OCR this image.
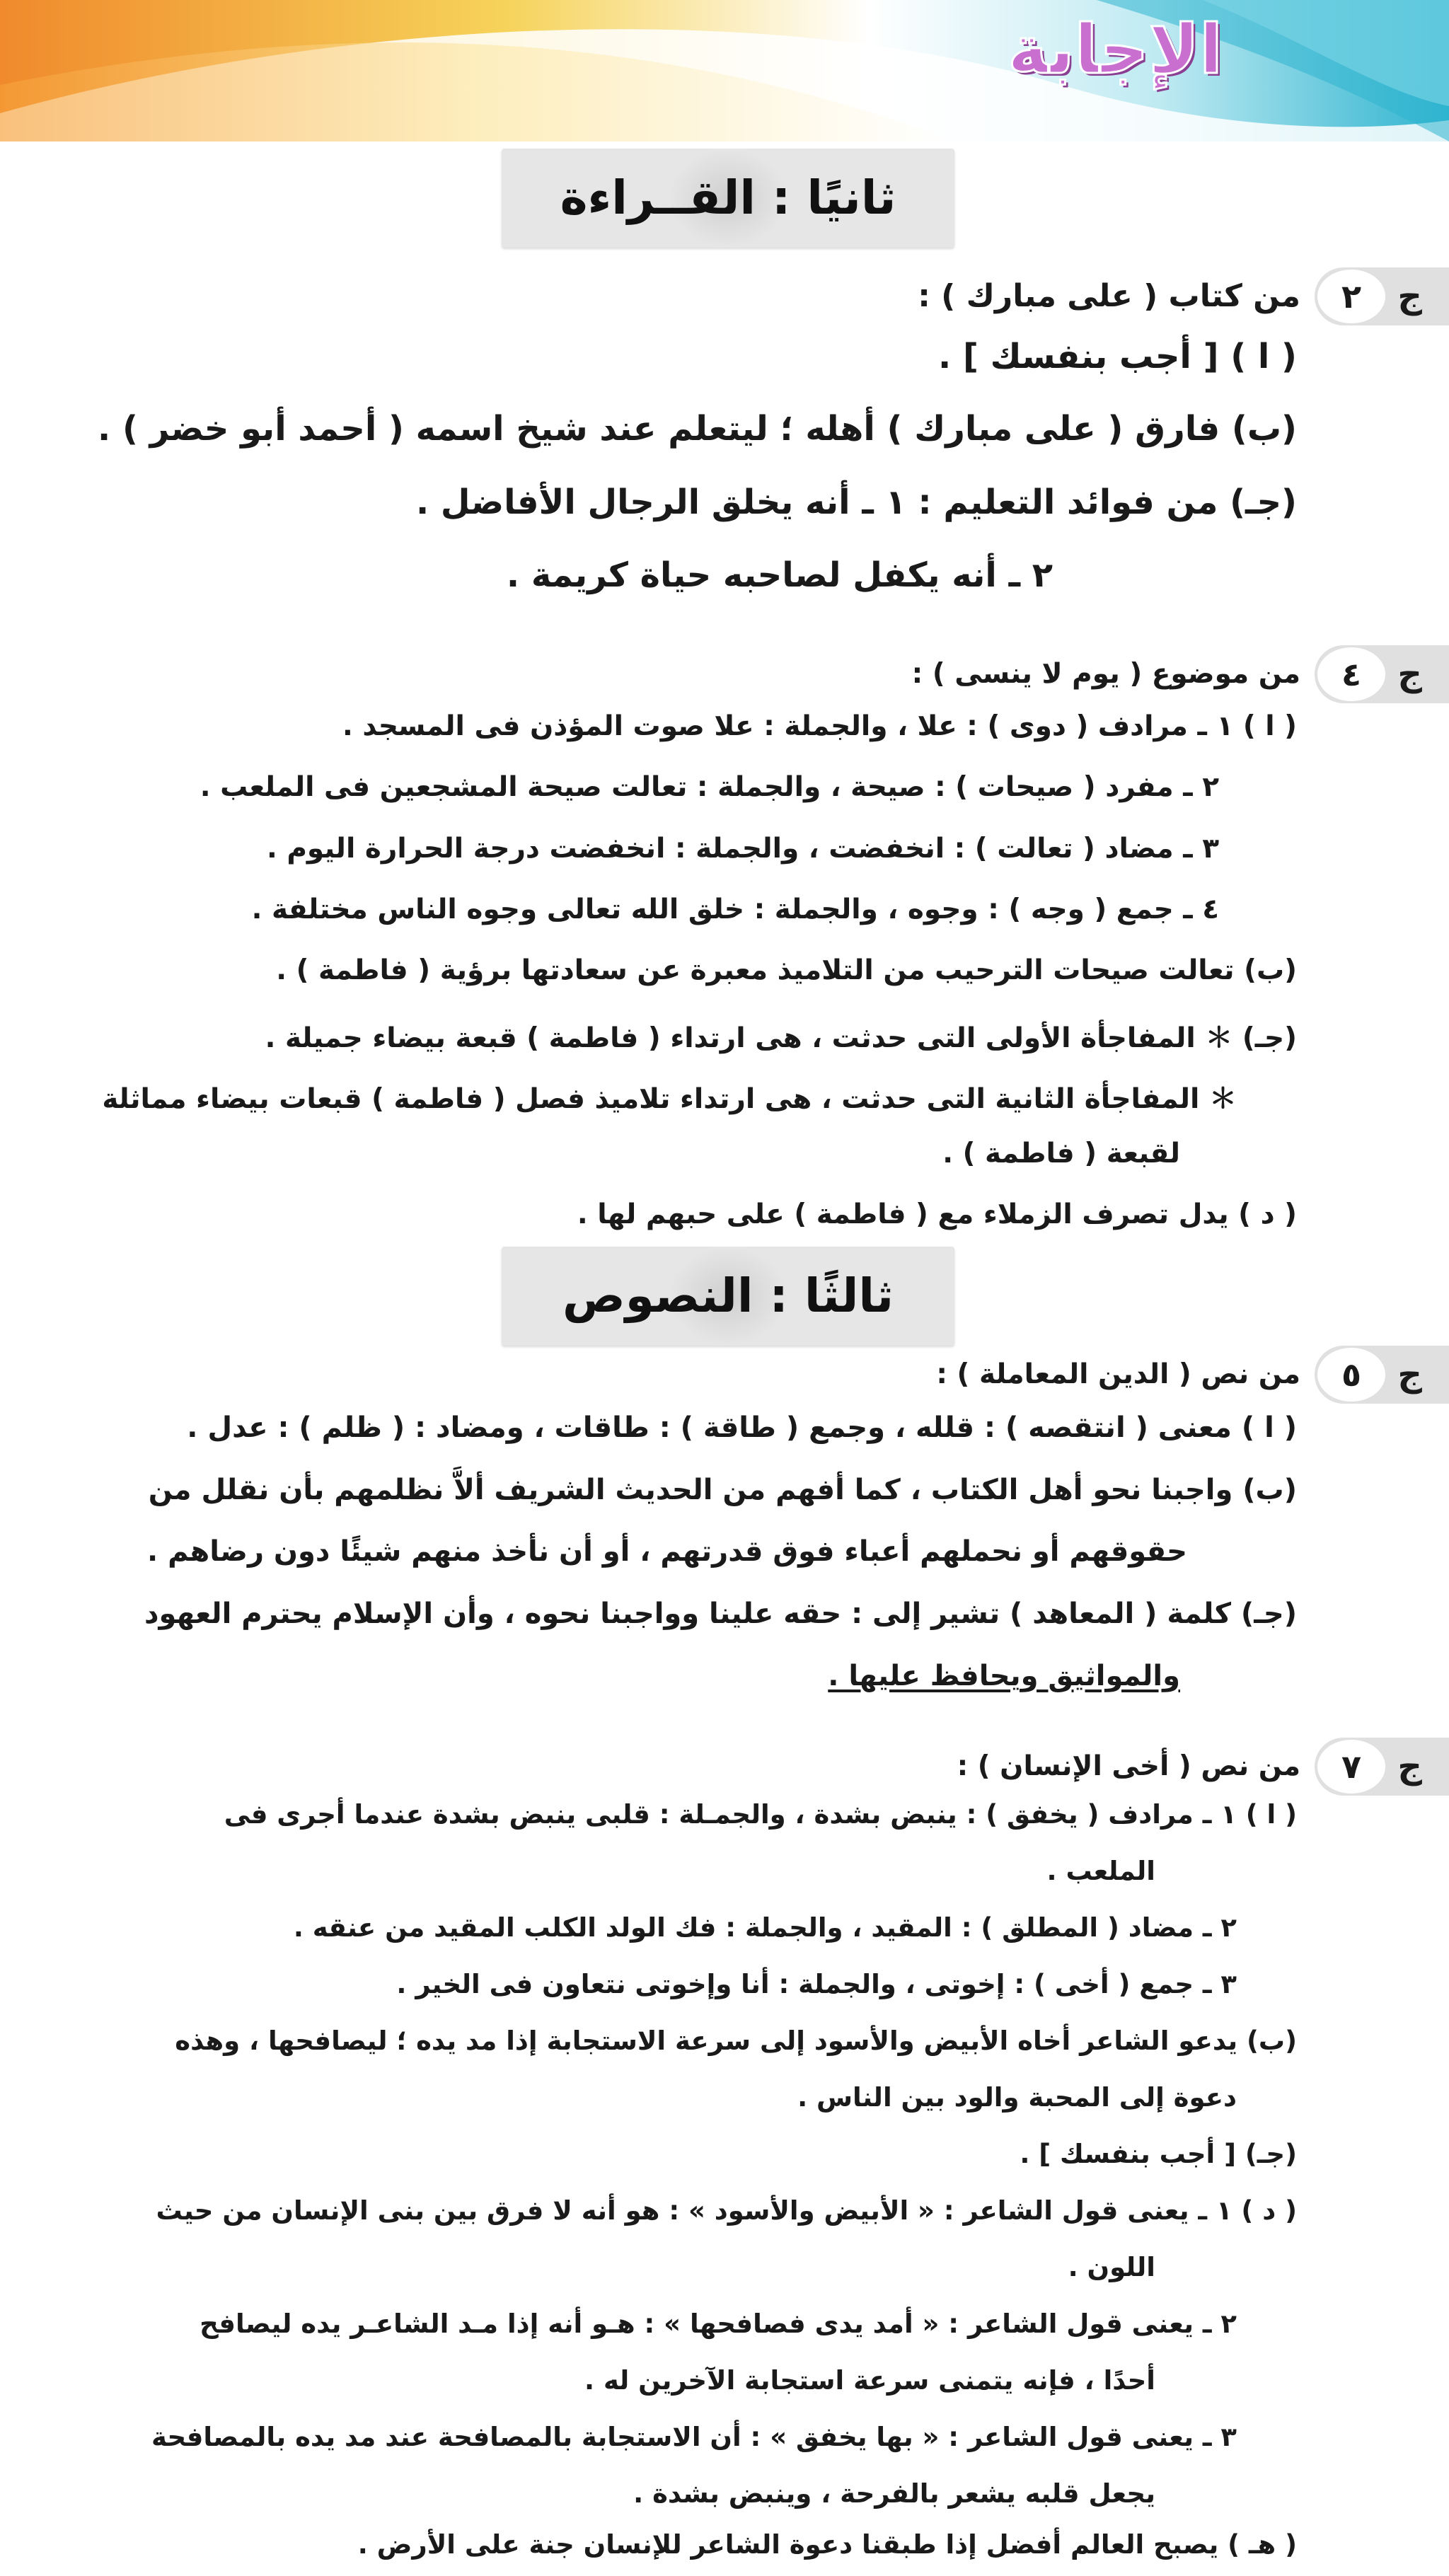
الإجابة
ثانيًا : القــراءة
ج
٢
من كتاب ( على مبارك ) :
( ا ) [ أجب بنفسك ] .
(ب) فارق ( على مبارك ) أهله ؛ ليتعلم عند شيخ اسمه ( أحمد أبو خضر ) .
(جـ) من فوائد التعليم : ١ ـ أنه يخلق الرجال الأفاضل .
٢ ـ أنه يكفل لصاحبه حياة كريمة .
ج
٤
من موضوع ( يوم لا ينسى ) :
( ا ) ١ ـ مرادف ( دوى ) : علا ، والجملة : علا صوت المؤذن فى المسجد .
٢ ـ مفرد ( صيحات ) : صيحة ، والجملة : تعالت صيحة المشجعين فى الملعب .
٣ ـ مضاد ( تعالت ) : انخفضت ، والجملة : انخفضت درجة الحرارة اليوم .
٤ ـ جمع ( وجه ) : وجوه ، والجملة : خلق الله تعالى وجوه الناس مختلفة .
(ب) تعالت صيحات الترحيب من التلاميذ معبرة عن سعادتها برؤية ( فاطمة ) .
(جـ) ＊ المفاجأة الأولى التى حدثت ، هى ارتداء ( فاطمة ) قبعة بيضاء جميلة .
＊ المفاجأة الثانية التى حدثت ، هى ارتداء تلاميذ فصل ( فاطمة ) قبعات بيضاء مماثلة
لقبعة ( فاطمة ) .
( د ) يدل تصرف الزملاء مع ( فاطمة ) على حبهم لها .
ثالثًا : النصوص
ج
٥
من نص ( الدين المعاملة ) :
( ا ) معنى ( انتقصه ) : قلله ، وجمع ( طاقة ) : طاقات ، ومضاد : ( ظلم ) : عدل .
(ب) واجبنا نحو أهل الكتاب ، كما أفهم من الحديث الشريف ألاَّ نظلمهم بأن نقلل من
حقوقهم أو نحملهم أعباء فوق قدرتهم ، أو أن نأخذ منهم شيئًا دون رضاهم .
(جـ) كلمة ( المعاهد ) تشير إلى : حقه علينا وواجبنا نحوه ، وأن الإسلام يحترم العهود
والمواثيق ويحافظ عليها .
ج
٧
من نص ( أخى الإنسان ) :
( ا ) ١ ـ مرادف ( يخفق ) : ينبض بشدة ، والجمـلة : قلبى ينبض بشدة عندما أجرى فى
الملعب .
٢ ـ مضاد ( المطلق ) : المقيد ، والجملة : فك الولد الكلب المقيد من عنقه .
٣ ـ جمع ( أخى ) : إخوتى ، والجملة : أنا وإخوتى نتعاون فى الخير .
(ب) يدعو الشاعر أخاه الأبيض والأسود إلى سرعة الاستجابة إذا مد يده ؛ ليصافحها ، وهذه
دعوة إلى المحبة والود بين الناس .
(جـ) [ أجب بنفسك ] .
( د ) ١ ـ يعنى قول الشاعر : « الأبيض والأسود » : هو أنه لا فرق بين بنى الإنسان من حيث
اللون .
٢ ـ يعنى قول الشاعر : « أمد يدى فصافحها » : هـو أنه إذا مـد الشاعـر يده ليصافح
أحدًا ، فإنه يتمنى سرعة استجابة الآخرين له .
٣ ـ يعنى قول الشاعر : « بها يخفق » : أن الاستجابة بالمصافحة عند مد يده بالمصافحة
يجعل قلبه يشعر بالفرحة ، وينبض بشدة .
( هـ ) يصبح العالم أفضل إذا طبقنا دعوة الشاعر للإنسان جنة على الأرض .
